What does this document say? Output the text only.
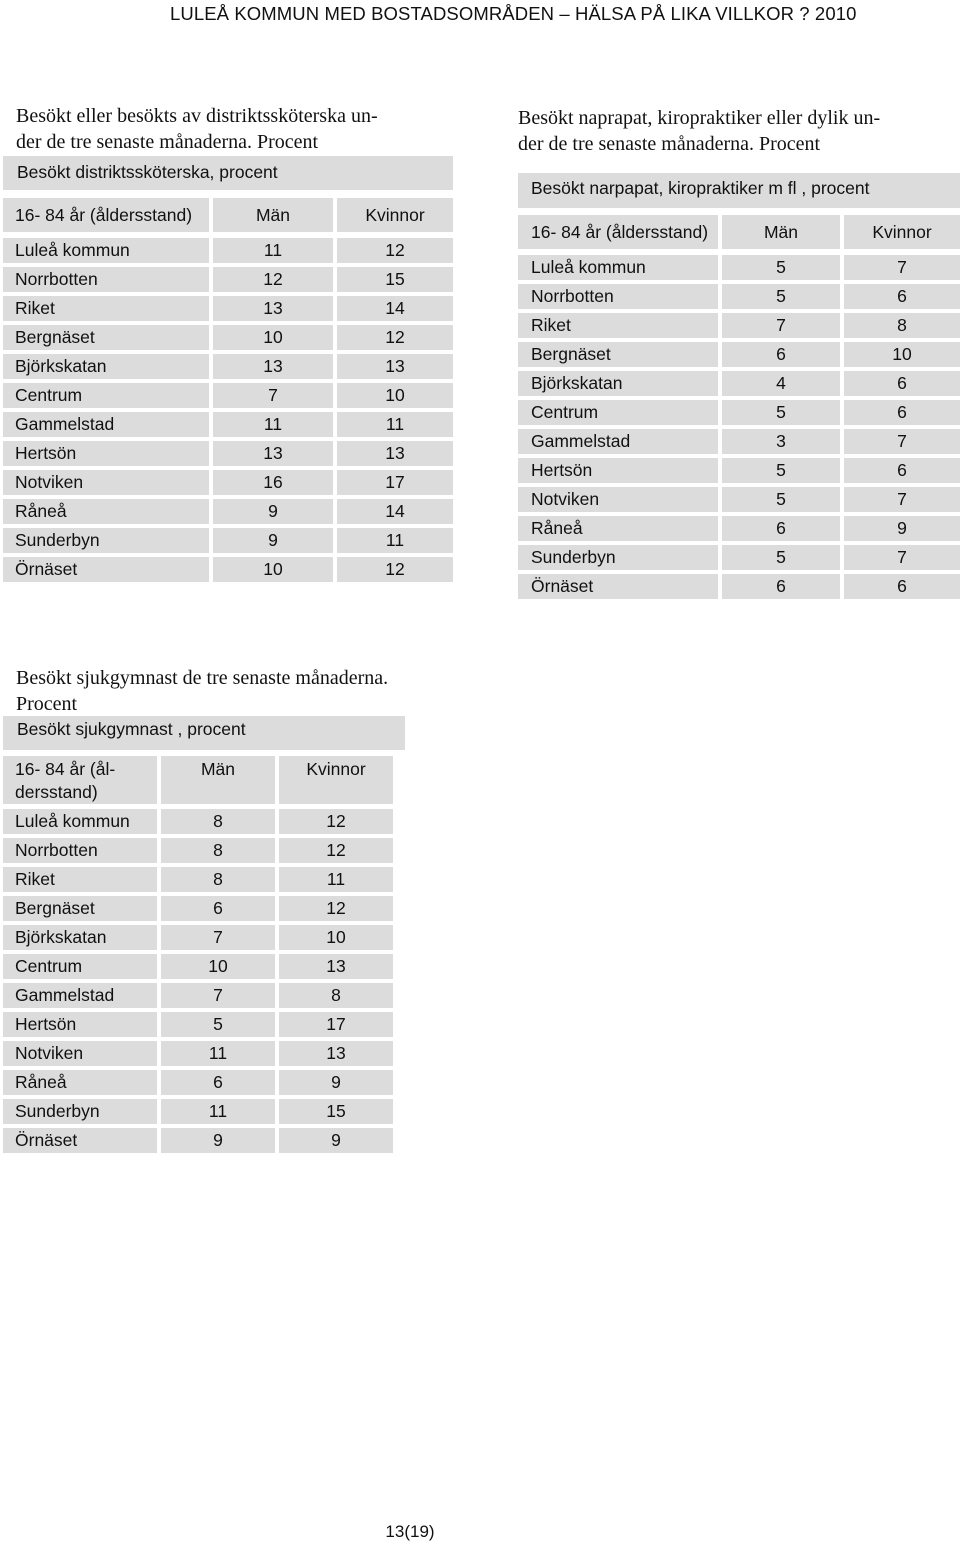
LULEÅ KOMMUN MED BOSTADSOMRÅDEN – HÄLSA PÅ LIKA VILLKOR ? 2010
Besökt eller besökts av distriktssköterska un-
der de tre senaste månaderna. Procent
Besökt distriktssköterska, procent
16- 84 år (åldersstand)	Män	Kvinnor
Luleå kommun	11	12
Norrbotten	12	15
Riket	13	14
Bergnäset	10	12
Björkskatan	13	13
Centrum	7	10
Gammelstad	11	11
Hertsön	13	13
Notviken	16	17
Råneå	9	14
Sunderbyn	9	11
Örnäset	10	12
Besökt naprapat, kiropraktiker eller dylik un-
der de tre senaste månaderna. Procent
Besökt narpapat, kiropraktiker m fl , procent
16- 84 år (åldersstand)	Män	Kvinnor
Luleå kommun	5	7
Norrbotten	5	6
Riket	7	8
Bergnäset	6	10
Björkskatan	4	6
Centrum	5	6
Gammelstad	3	7
Hertsön	5	6
Notviken	5	7
Råneå	6	9
Sunderbyn	5	7
Örnäset	6	6
Besökt sjukgymnast de tre senaste månaderna.
Procent
Besökt sjukgymnast , procent
16- 84 år (ål-
dersstand)
Män	Kvinnor
Luleå kommun	8	12
Norrbotten	8	12
Riket	8	11
Bergnäset	6	12
Björkskatan	7	10
Centrum	10	13
Gammelstad	7	8
Hertsön	5	17
Notviken	11	13
Råneå	6	9
Sunderbyn	11	15
Örnäset	9	9
13(19)
